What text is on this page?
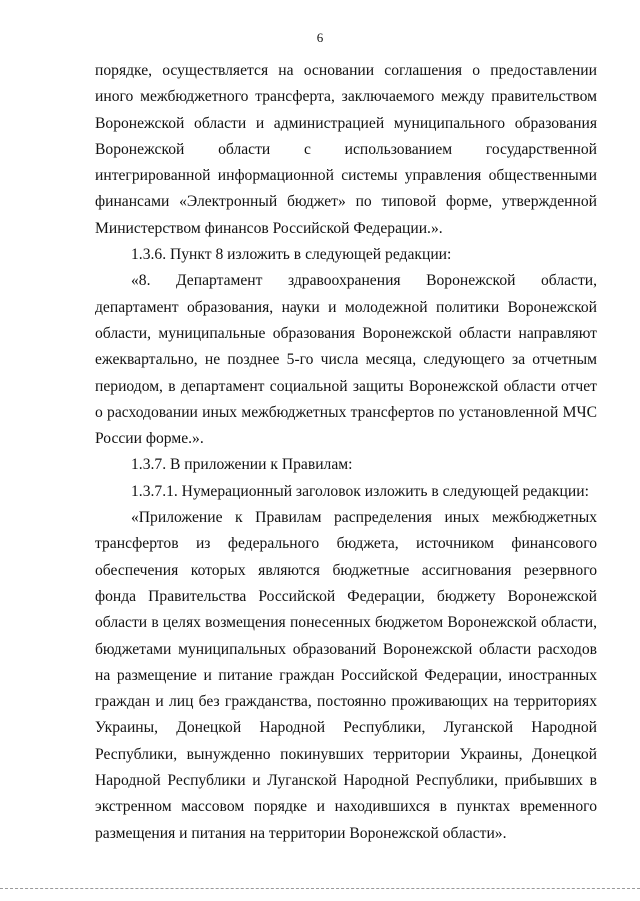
6

порядке, осуществляется на основании соглашения о предоставлении иного межбюджетного трансферта, заключаемого между правительством Воронежской области и администрацией муниципального образования Воронежской области с использованием государственной интегрированной информационной системы управления общественными финансами «Электронный бюджет» по типовой форме, утвержденной Министерством финансов Российской Федерации.».

1.3.6. Пункт 8 изложить в следующей редакции:

«8. Департамент здравоохранения Воронежской области, департамент образования, науки и молодежной политики Воронежской области, муниципальные образования Воронежской области направляют ежеквартально, не позднее 5-го числа месяца, следующего за отчетным периодом, в департамент социальной защиты Воронежской области отчет о расходовании иных межбюджетных трансфертов по установленной МЧС России форме.».

1.3.7. В приложении к Правилам:

1.3.7.1. Нумерационный заголовок изложить в следующей редакции:

«Приложение к Правилам распределения иных межбюджетных трансфертов из федерального бюджета, источником финансового обеспечения которых являются бюджетные ассигнования резервного фонда Правительства Российской Федерации, бюджету Воронежской области в целях возмещения понесенных бюджетом Воронежской области, бюджетами муниципальных образований Воронежской области расходов на размещение и питание граждан Российской Федерации, иностранных граждан и лиц без гражданства, постоянно проживающих на территориях Украины, Донецкой Народной Республики, Луганской Народной Республики, вынужденно покинувших территории Украины, Донецкой Народной Республики и Луганской Народной Республики, прибывших в экстренном массовом порядке и находившихся в пунктах временного размещения и питания на территории Воронежской области».
